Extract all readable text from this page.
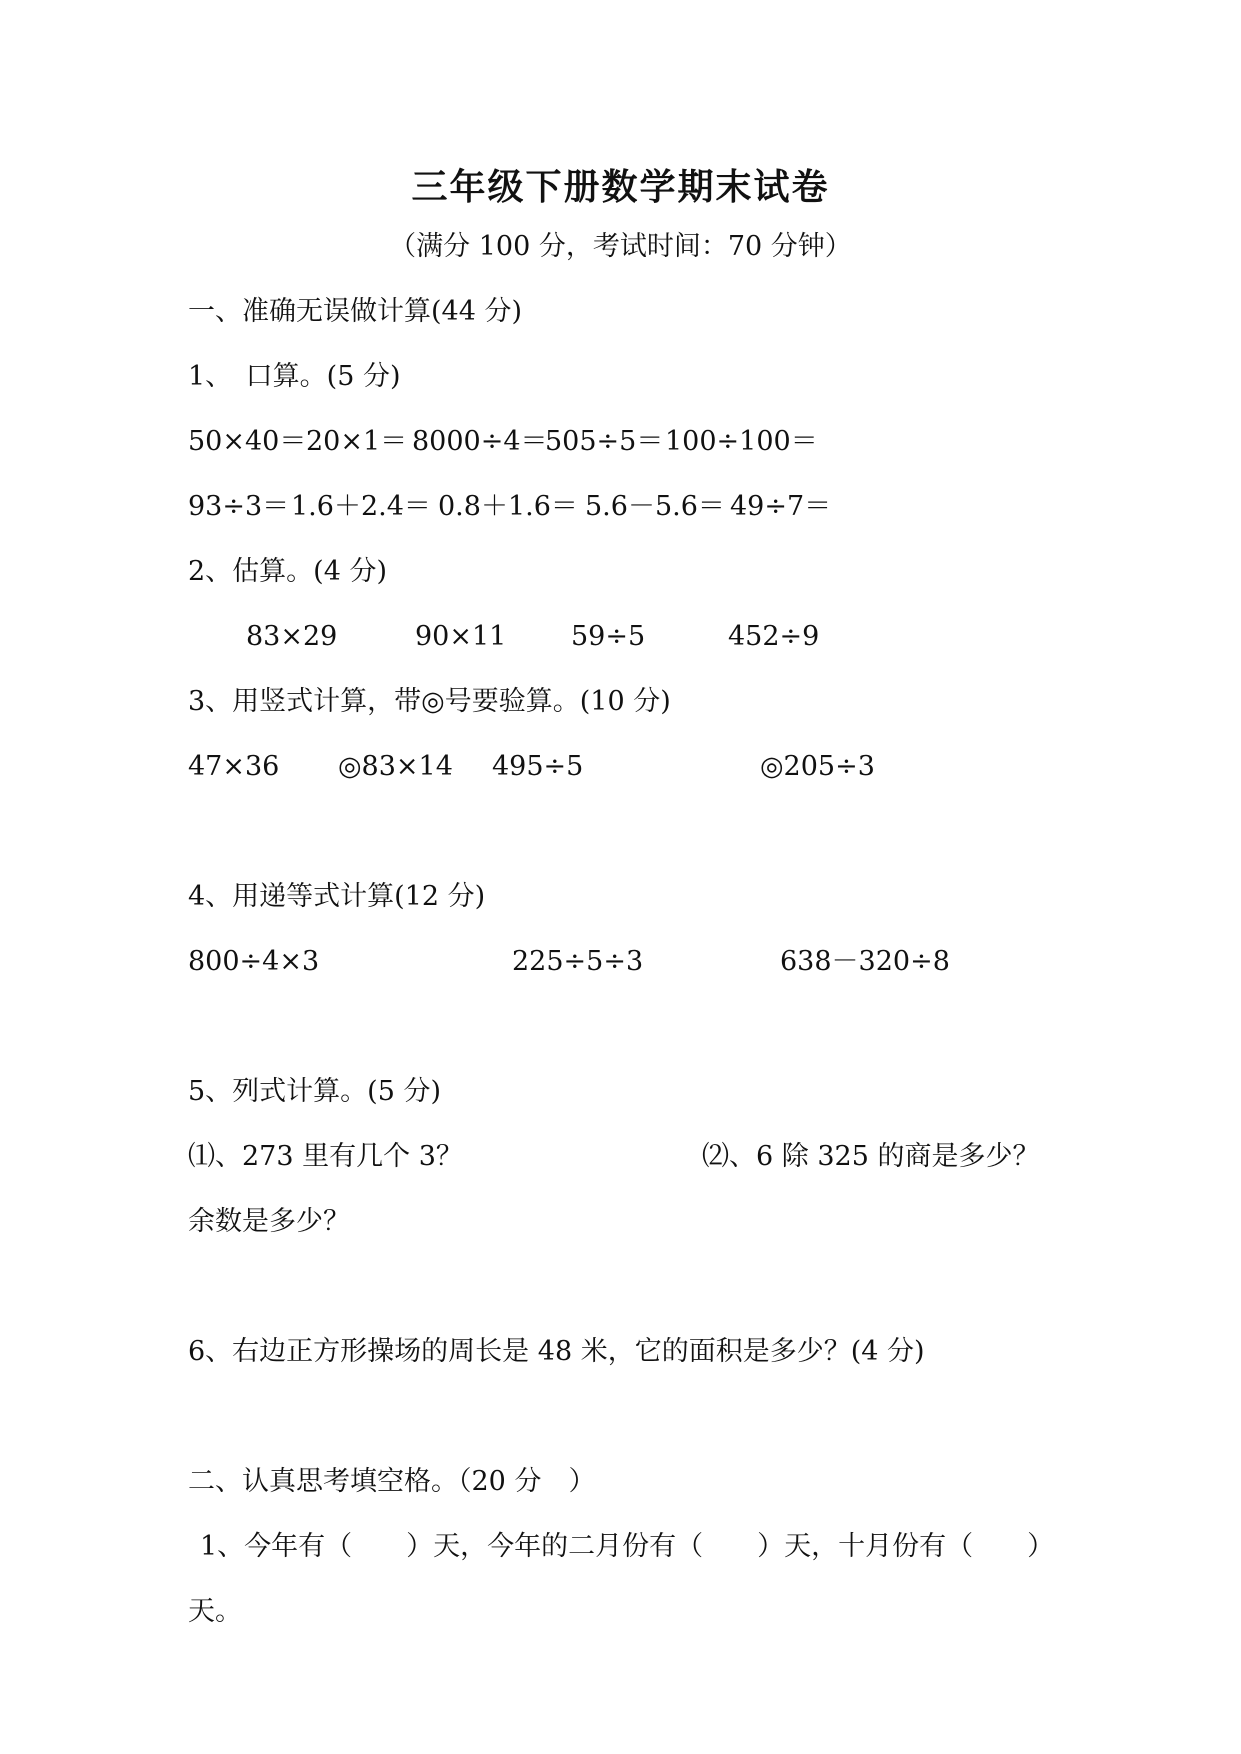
三年级下册数学期末试卷
（满分 100 分，考试时间：70 分钟）
一、准确无误做计算(44 分)
1、　口算。(5 分)
50×40＝ 20×1＝ 8000÷4＝
505÷5＝ 100÷100＝
93÷3＝ 1.6＋2.4＝ 0.8＋1.6＝ 5.6－5.6＝ 49÷7＝
2、估算。(4 分)
83×29	90×11 59÷5	452÷9
3、用竖式计算，带◎号要验算。(10 分)
47×36 ◎83×14 495÷5	◎205÷3
4、用递等式计算(12 分)
800÷4×3	225÷5÷3	638－320÷8
5、列式计算。(5 分)
⑴、273 里有几个 3？	⑵、6 除 325 的商是多少？
余数是多少？
6、右边正方形操场的周长是 48 米，它的面积是多少？(4 分)
二、认真思考填空格。（20 分　）
1、今年有（　　）天，今年的二月份有（　　）天，十月份有（　　）
天。
